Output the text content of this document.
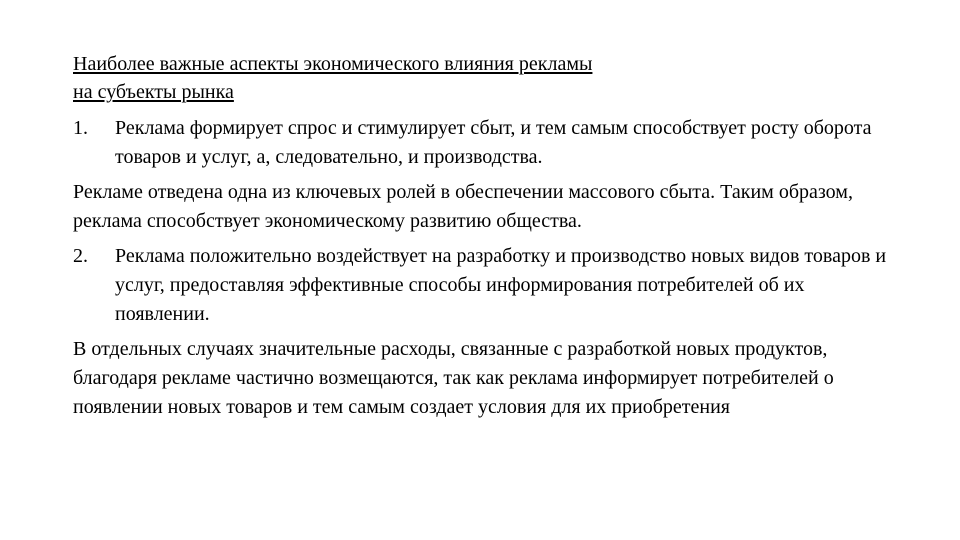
Наиболее важные аспекты экономического влияния рекламы
на субъекты рынка
1.	Реклама формирует спрос и стимулирует сбыт, и тем самым способствует росту оборота товаров и услуг, а, следовательно, и производства.
Рекламе отведена одна из ключевых ролей в обеспечении массового сбыта. Таким образом, реклама способствует экономическому развитию общества.
2.	Реклама положительно воздействует на разработку и производство новых видов товаров и услуг, предоставляя эффективные способы информирования потребителей об их появлении.
В отдельных случаях значительные расходы, связанные с разработкой новых продуктов, благодаря рекламе частично возмещаются, так как реклама информирует потребителей о появлении новых товаров и тем самым создает условия для их приобретения
